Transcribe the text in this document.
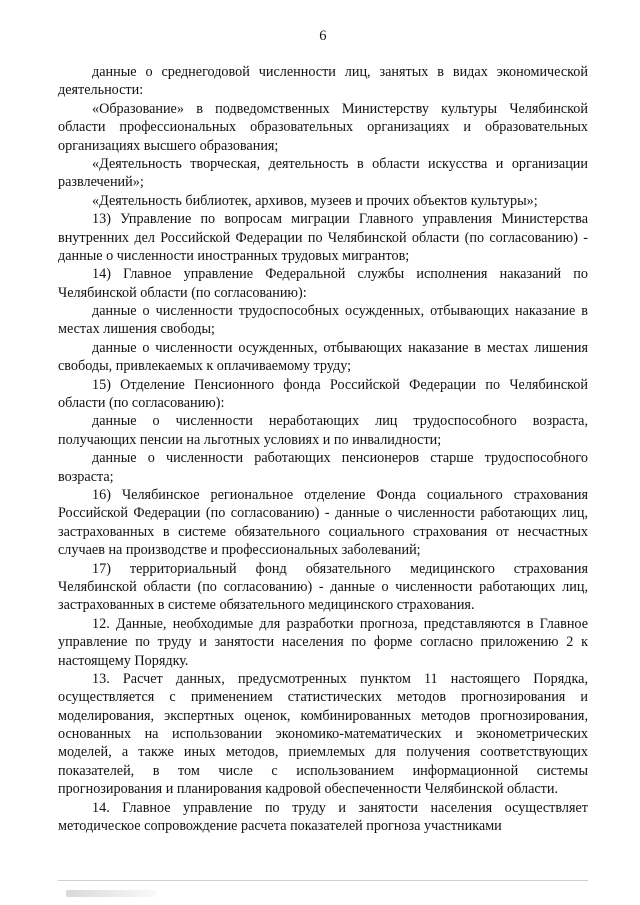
6

данные о среднегодовой численности лиц, занятых в видах экономической деятельности:

«Образование» в подведомственных Министерству культуры Челябинской области профессиональных образовательных организациях и образовательных организациях высшего образования;

«Деятельность творческая, деятельность в области искусства и организации развлечений»;

«Деятельность библиотек, архивов, музеев и прочих объектов культуры»;

13) Управление по вопросам миграции Главного управления Министерства внутренних дел Российской Федерации по Челябинской области (по согласованию) - данные о численности иностранных трудовых мигрантов;

14) Главное управление Федеральной службы исполнения наказаний по Челябинской области (по согласованию):

данные о численности трудоспособных осужденных, отбывающих наказание в местах лишения свободы;

данные о численности осужденных, отбывающих наказание в местах лишения свободы, привлекаемых к оплачиваемому труду;

15) Отделение Пенсионного фонда Российской Федерации по Челябинской области (по согласованию):

данные о численности неработающих лиц трудоспособного возраста, получающих пенсии на льготных условиях и по инвалидности;

данные о численности работающих пенсионеров старше трудоспособного возраста;

16) Челябинское региональное отделение Фонда социального страхования Российской Федерации (по согласованию) - данные о численности работающих лиц, застрахованных в системе обязательного социального страхования от несчастных случаев на производстве и профессиональных заболеваний;

17) территориальный фонд обязательного медицинского страхования Челябинской области (по согласованию) - данные о численности работающих лиц, застрахованных в системе обязательного медицинского страхования.

12. Данные, необходимые для разработки прогноза, представляются в Главное управление по труду и занятости населения по форме согласно приложению 2 к настоящему Порядку.

13. Расчет данных, предусмотренных пунктом 11 настоящего Порядка, осуществляется с применением статистических методов прогнозирования и моделирования, экспертных оценок, комбинированных методов прогнозирования, основанных на использовании экономико-математических и эконометрических моделей, а также иных методов, приемлемых для получения соответствующих показателей, в том числе с использованием информационной системы прогнозирования и планирования кадровой обеспеченности Челябинской области.

14. Главное управление по труду и занятости населения осуществляет методическое сопровождение расчета показателей прогноза участниками
